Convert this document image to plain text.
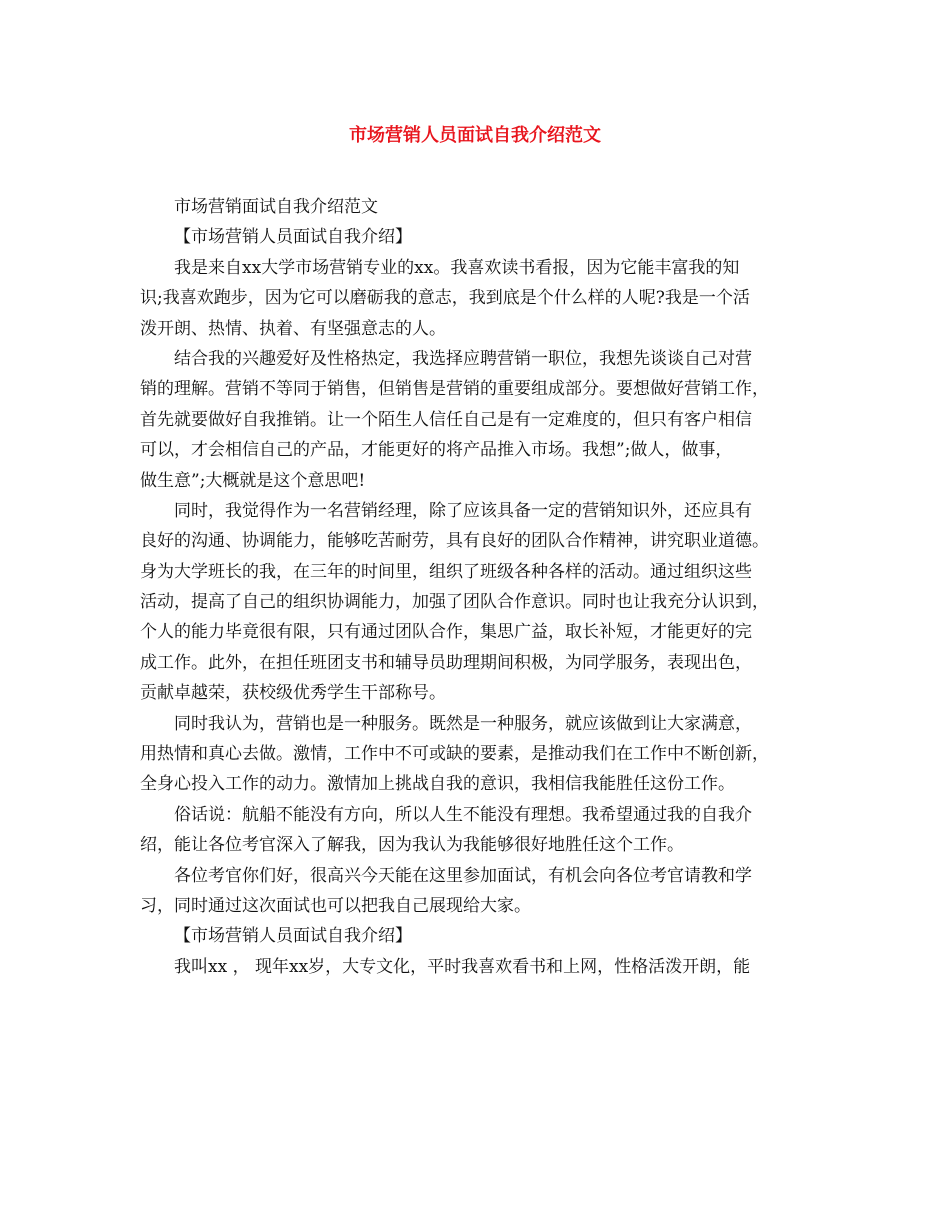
市场营销人员面试自我介绍范文
市场营销面试自我介绍范文
【市场营销人员面试自我介绍】
我是来自xx大学市场营销专业的xx。我喜欢读书看报，因为它能丰富我的知
识;我喜欢跑步，因为它可以磨砺我的意志，我到底是个什么样的人呢?我是一个活
泼开朗、热情、执着、有坚强意志的人。
结合我的兴趣爱好及性格热定，我选择应聘营销一职位，我想先谈谈自己对营
销的理解。营销不等同于销售，但销售是营销的重要组成部分。要想做好营销工作，
首先就要做好自我推销。让一个陌生人信任自己是有一定难度的，但只有客户相信
可以，才会相信自己的产品，才能更好的将产品推入市场。我想”;做人，做事，
做生意”;大概就是这个意思吧!
同时，我觉得作为一名营销经理，除了应该具备一定的营销知识外，还应具有
良好的沟通、协调能力，能够吃苦耐劳，具有良好的团队合作精神，讲究职业道德。
身为大学班长的我，在三年的时间里，组织了班级各种各样的活动。通过组织这些
活动，提高了自己的组织协调能力，加强了团队合作意识。同时也让我充分认识到，
个人的能力毕竟很有限，只有通过团队合作，集思广益，取长补短，才能更好的完
成工作。此外，在担任班团支书和辅导员助理期间积极，为同学服务，表现出色，
贡献卓越荣，获校级优秀学生干部称号。
同时我认为，营销也是一种服务。既然是一种服务，就应该做到让大家满意，
用热情和真心去做。激情，工作中不可或缺的要素，是推动我们在工作中不断创新，
全身心投入工作的动力。激情加上挑战自我的意识，我相信我能胜任这份工作。
俗话说：航船不能没有方向，所以人生不能没有理想。我希望通过我的自我介
绍，能让各位考官深入了解我，因为我认为我能够很好地胜任这个工作。
各位考官你们好，很高兴今天能在这里参加面试，有机会向各位考官请教和学
习，同时通过这次面试也可以把我自己展现给大家。
【市场营销人员面试自我介绍】
我叫xx ， 现年xx岁，大专文化，平时我喜欢看书和上网，性格活泼开朗，能
